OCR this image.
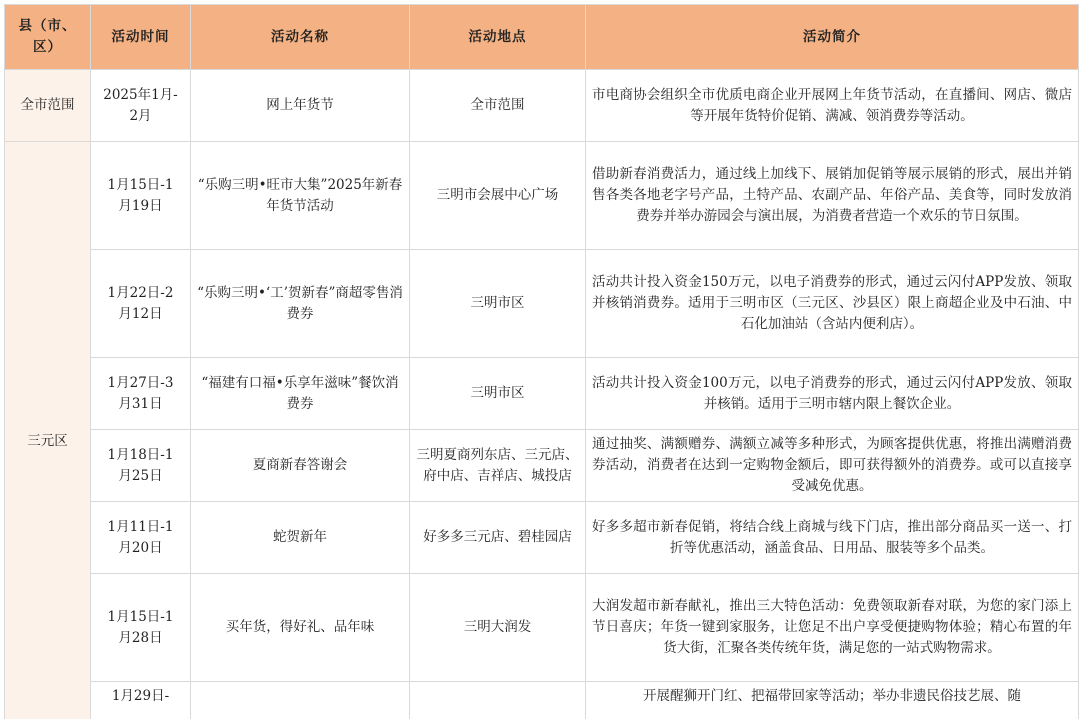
县（市、区）	活动时间	活动名称	活动地点	活动简介
全市范围	2025年1月-2月	网上年货节	全市范围	市电商协会组织全市优质电商企业开展网上年货节活动，在直播间、网店、微店等开展年货特价促销、满减、领消费券等活动。
三元区	1月15日-1月19日	“乐购三明•旺市大集”2025年新春年货节活动	三明市会展中心广场	借助新春消费活力，通过线上加线下、展销加促销等展示展销的形式，展出并销售各类各地老字号产品，土特产品、农副产品、年俗产品、美食等，同时发放消费券并举办游园会与演出展，为消费者营造一个欢乐的节日氛围。
	1月22日-2月12日	“乐购三明•‘工’贺新春”商超零售消费券	三明市区	活动共计投入资金150万元，以电子消费券的形式，通过云闪付APP发放、领取并核销消费券。适用于三明市区（三元区、沙县区）限上商超企业及中石油、中石化加油站（含站内便利店）。
	1月27日-3月31日	“福建有口福•乐享年滋味”餐饮消费券	三明市区	活动共计投入资金100万元，以电子消费券的形式，通过云闪付APP发放、领取并核销。适用于三明市辖内限上餐饮企业。
	1月18日-1月25日	夏商新春答谢会	三明夏商列东店、三元店、府中店、吉祥店、城投店	通过抽奖、满额赠券、满额立减等多种形式，为顾客提供优惠，将推出满赠消费券活动，消费者在达到一定购物金额后，即可获得额外的消费券。或可以直接享受减免优惠。
	1月11日-1月20日	蛇贺新年	好多多三元店、碧桂园店	好多多超市新春促销，将结合线上商城与线下门店，推出部分商品买一送一、打折等优惠活动，涵盖食品、日用品、服装等多个品类。
	1月15日-1月28日	买年货，得好礼、品年味	三明大润发	大润发超市新春献礼，推出三大特色活动：免费领取新春对联，为您的家门添上节日喜庆；年货一键到家服务，让您足不出户享受便捷购物体验；精心布置的年货大街，汇聚各类传统年货，满足您的一站式购物需求。
	1月29日-			开展醒狮开门红、把福带回家等活动；举办非遗民俗技艺展、随
